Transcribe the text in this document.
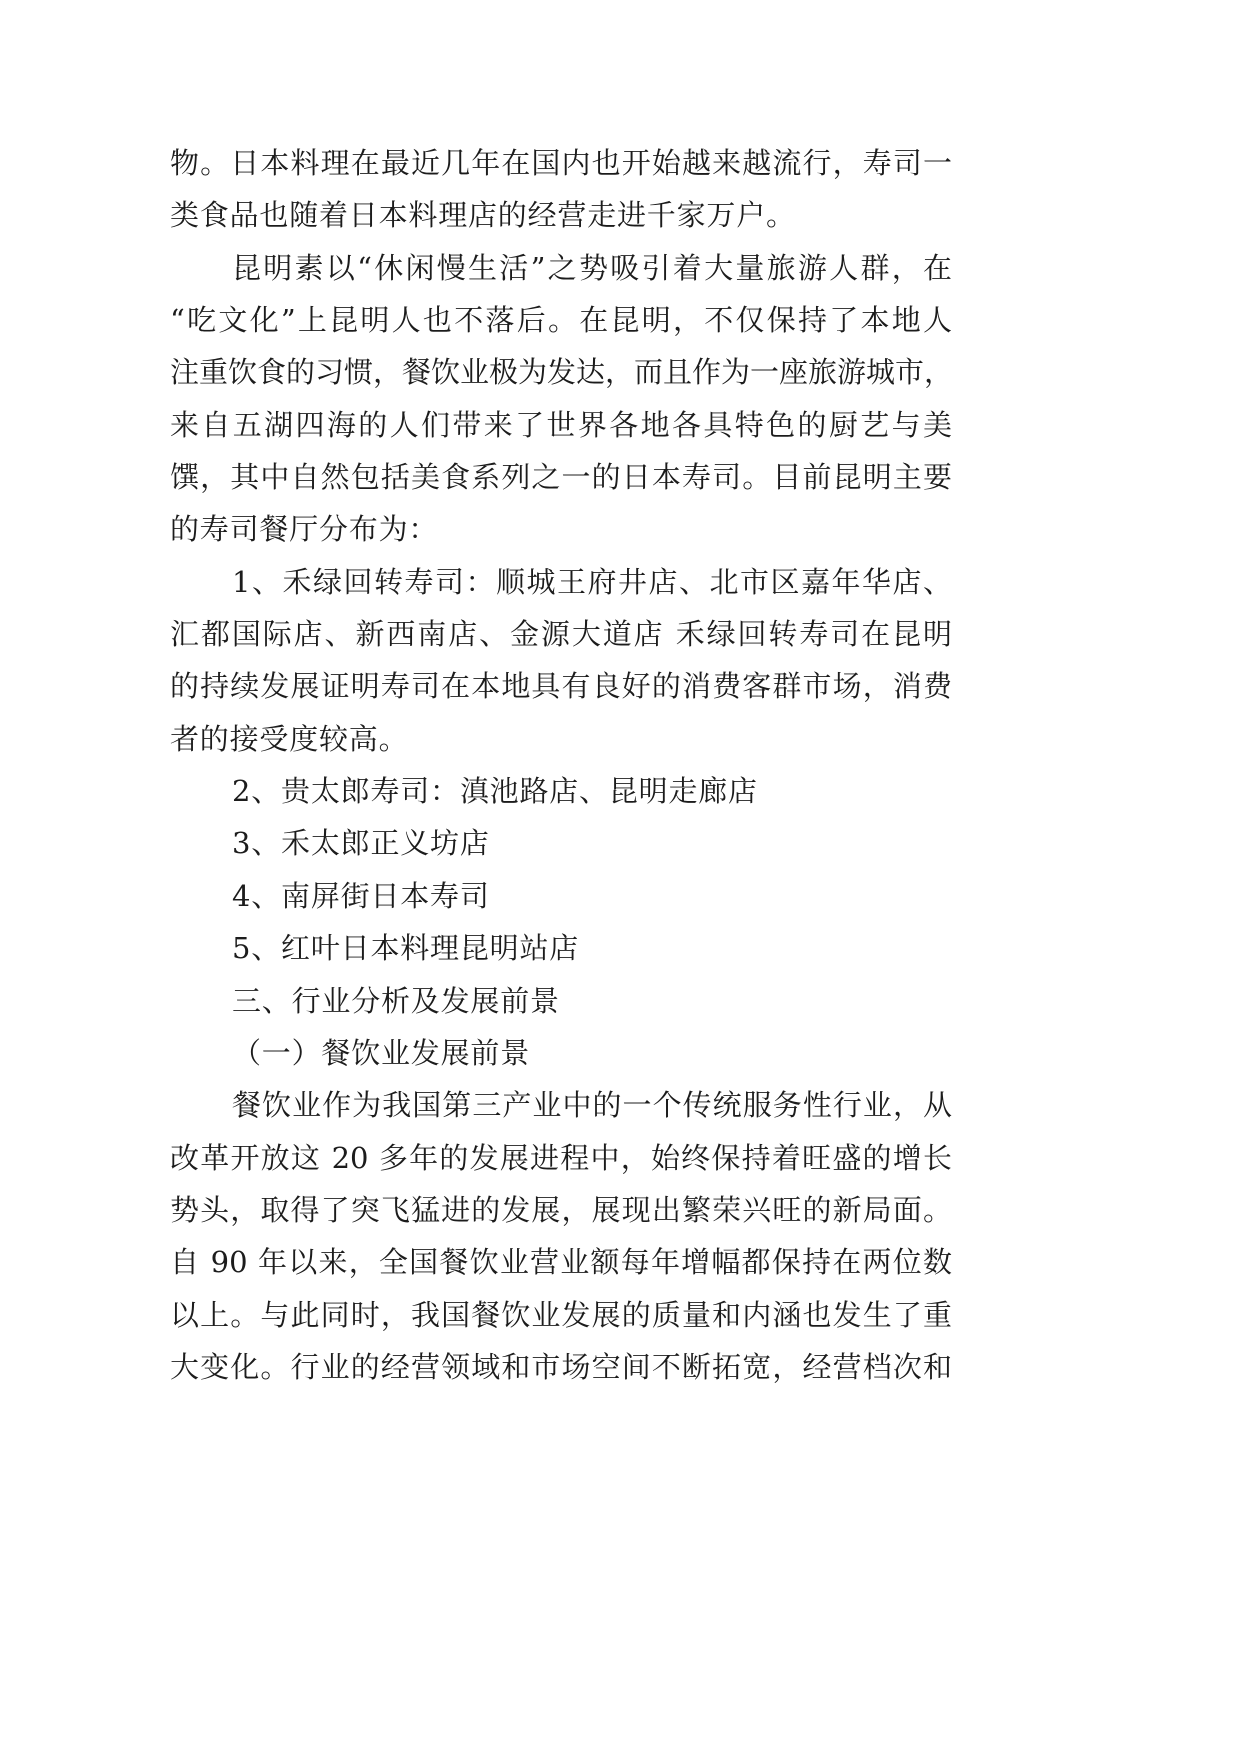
物。日本料理在最近几年在国内也开始越来越流行，寿司一
类食品也随着日本料理店的经营走进千家万户。
昆明素以“休闲慢生活”之势吸引着大量旅游人群，在
“吃文化”上昆明人也不落后。在昆明，不仅保持了本地人
注重饮食的习惯，餐饮业极为发达，而且作为一座旅游城市，
来自五湖四海的人们带来了世界各地各具特色的厨艺与美
馔，其中自然包括美食系列之一的日本寿司。目前昆明主要
的寿司餐厅分布为：
1、禾绿回转寿司：顺城王府井店、北市区嘉年华店、
汇都国际店、新西南店、金源大道店 禾绿回转寿司在昆明
的持续发展证明寿司在本地具有良好的消费客群市场，消费
者的接受度较高。
2、贵太郎寿司：滇池路店、昆明走廊店
3、禾太郎正义坊店
4、南屏街日本寿司
5、红叶日本料理昆明站店
三、行业分析及发展前景
（一）餐饮业发展前景
餐饮业作为我国第三产业中的一个传统服务性行业，从
改革开放这 20 多年的发展进程中，始终保持着旺盛的增长
势头，取得了突飞猛进的发展，展现出繁荣兴旺的新局面。
自 90 年以来，全国餐饮业营业额每年增幅都保持在两位数
以上。与此同时，我国餐饮业发展的质量和内涵也发生了重
大变化。行业的经营领域和市场空间不断拓宽，经营档次和
